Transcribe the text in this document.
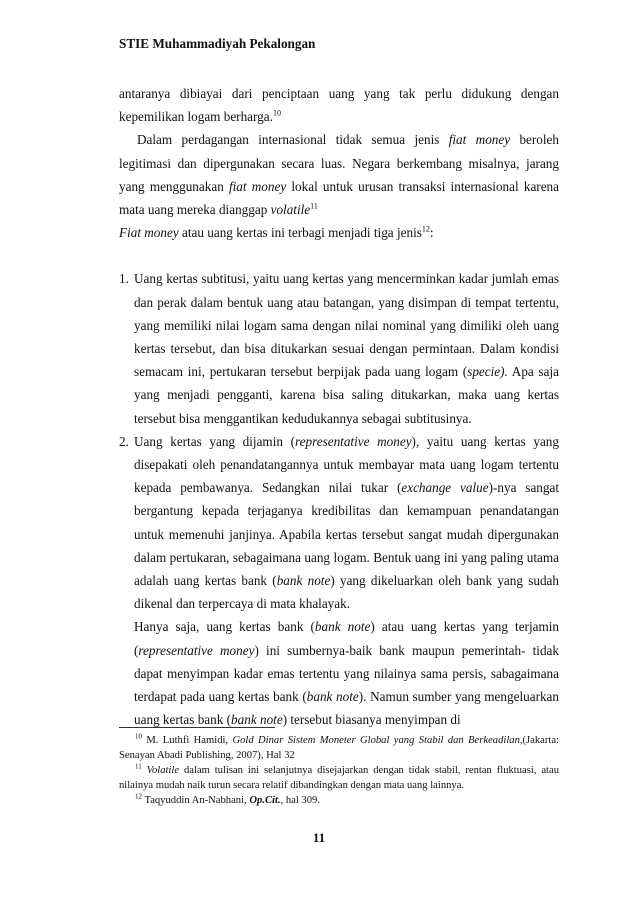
STIE Muhammadiyah Pekalongan

antaranya dibiayai dari penciptaan uang yang tak perlu didukung dengan kepemilikan logam berharga.$^{10}$

Dalam perdagangan internasional tidak semua jenis fiat money beroleh legitimasi dan dipergunakan secara luas. Negara berkembang misalnya, jarang yang menggunakan fiat money lokal untuk urusan transaksi internasional karena mata uang mereka dianggap volatile$^{11}$

Fiat money atau uang kertas ini terbagi menjadi tiga jenis$^{12}$:

1. Uang kertas subtitusi, yaitu uang kertas yang mencerminkan kadar jumlah emas dan perak dalam bentuk uang atau batangan, yang disimpan di tempat tertentu, yang memiliki nilai logam sama dengan nilai nominal yang dimiliki oleh uang kertas tersebut, dan bisa ditukarkan sesuai dengan permintaan. Dalam kondisi semacam ini, pertukaran tersebut berpijak pada uang logam (specie). Apa saja yang menjadi pengganti, karena bisa saling ditukarkan, maka uang kertas tersebut bisa menggantikan kedudukannya sebagai subtitusinya.

2. Uang kertas yang dijamin (representative money), yaitu uang kertas yang disepakati oleh penandatangannya untuk membayar mata uang logam tertentu kepada pembawanya. Sedangkan nilai tukar (exchange value)-nya sangat bergantung kepada terjaganya kredibilitas dan kemampuan penandatangan untuk memenuhi janjinya. Apabila kertas tersebut sangat mudah dipergunakan dalam pertukaran, sebagaimana uang logam. Bentuk uang ini yang paling utama adalah uang kertas bank (bank note) yang dikeluarkan oleh bank yang sudah dikenal dan terpercaya di mata khalayak.

Hanya saja, uang kertas bank (bank note) atau uang kertas yang terjamin (representative money) ini sumbernya-baik bank maupun pemerintah- tidak dapat menyimpan kadar emas tertentu yang nilainya sama persis, sabagaimana terdapat pada uang kertas bank (bank note). Namun sumber yang mengeluarkan uang kertas bank (bank note) tersebut biasanya menyimpan di

$^{10}$ M. Luthfi Hamidi, Gold Dinar Sistem Moneter Global yang Stabil dan Berkeadilan,(Jakarta: Senayan Abadi Publishing, 2007), Hal 32

$^{11}$ Volatile dalam tulisan ini selanjutnya disejajarkan dengan tidak stabil, rentan fluktuasi, atau nilainya mudah naik turun secara relatif dibandingkan dengan mata uang lainnya.

$^{12}$ Taqyuddin An-Nabhani, Op.Cit., hal 309.

11
